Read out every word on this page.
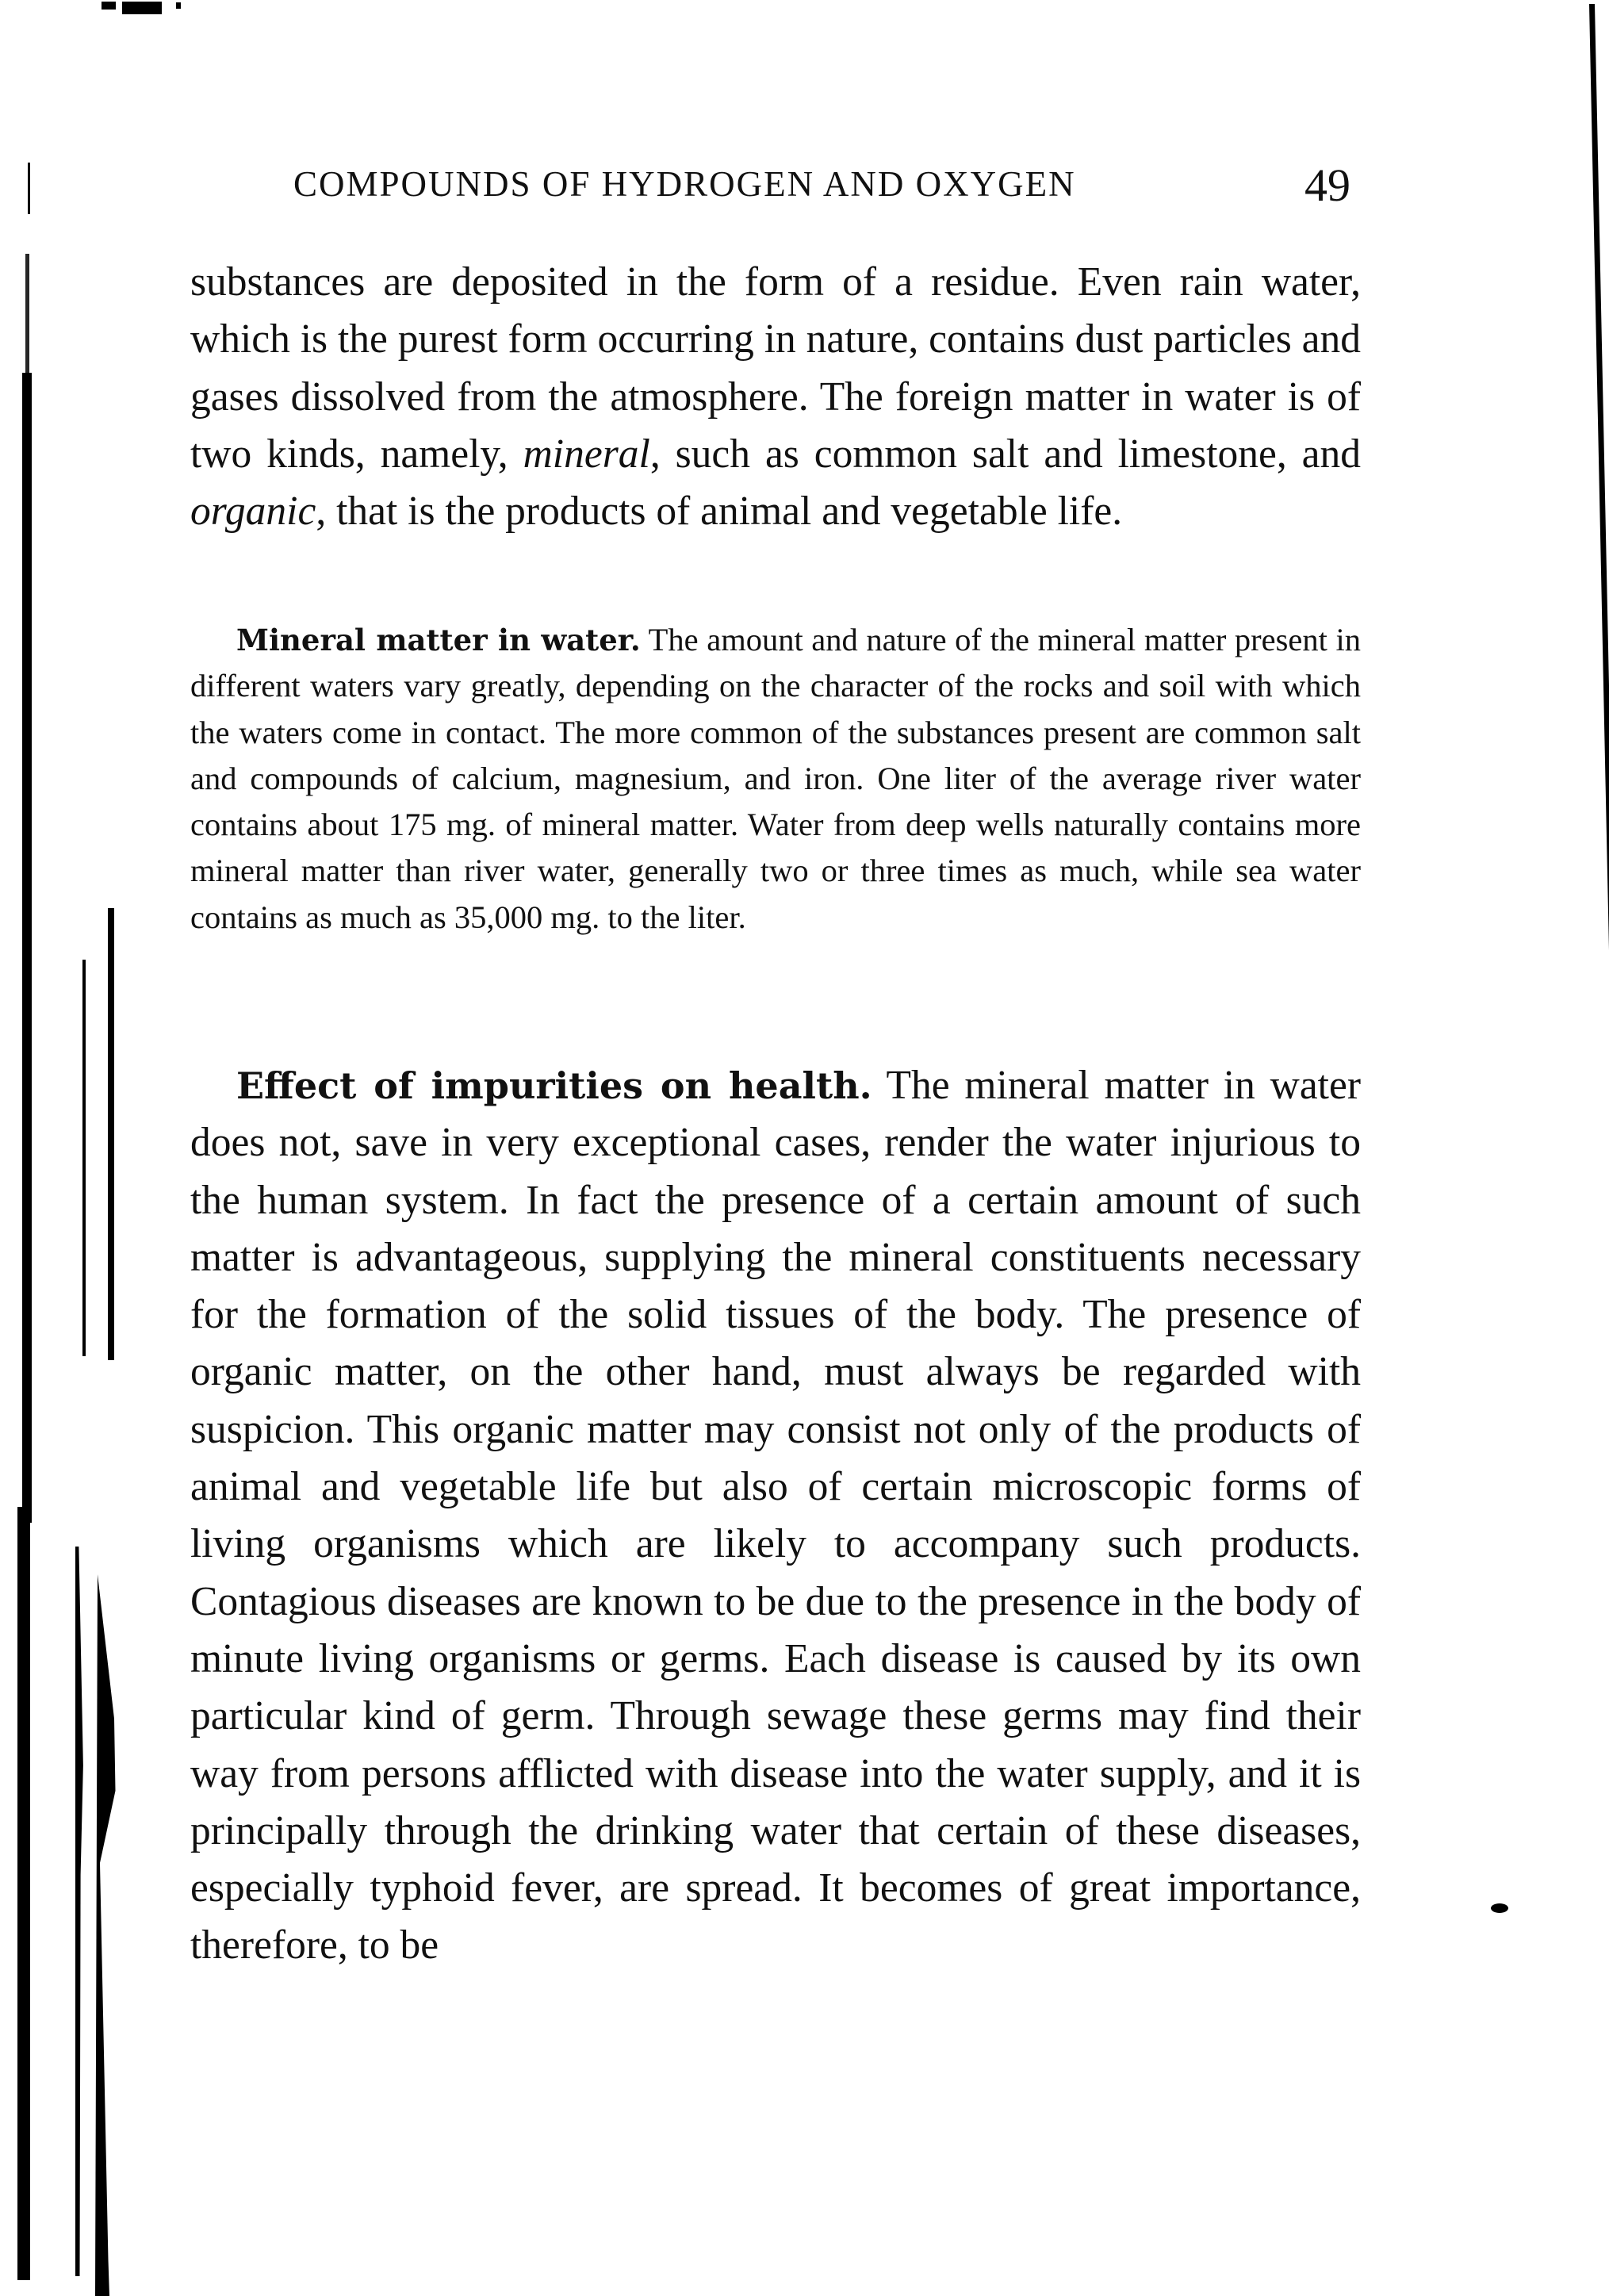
COMPOUNDS OF HYDROGEN AND OXYGEN	49

substances are deposited in the form of a residue. Even rain water, which is the purest form occurring in nature, contains dust particles and gases dissolved from the atmosphere. The foreign matter in water is of two kinds, namely, mineral, such as common salt and limestone, and organic, that is the products of animal and vegetable life.

Mineral matter in water. The amount and nature of the mineral matter present in different waters vary greatly, depending on the character of the rocks and soil with which the waters come in contact. The more common of the substances present are common salt and compounds of calcium, magnesium, and iron. One liter of the average river water contains about 175 mg. of mineral matter. Water from deep wells naturally contains more mineral matter than river water, generally two or three times as much, while sea water contains as much as 35,000 mg. to the liter.

Effect of impurities on health. The mineral matter in water does not, save in very exceptional cases, render the water injurious to the human system. In fact the presence of a certain amount of such matter is advantageous, supplying the mineral constituents necessary for the formation of the solid tissues of the body. The presence of organic matter, on the other hand, must always be regarded with suspicion. This organic matter may consist not only of the products of animal and vegetable life but also of certain microscopic forms of living organisms which are likely to accompany such products. Contagious diseases are known to be due to the presence in the body of minute living organisms or germs. Each disease is caused by its own particular kind of germ. Through sewage these germs may find their way from persons afflicted with disease into the water supply, and it is principally through the drinking water that certain of these diseases, especially typhoid fever, are spread. It becomes of great importance, therefore, to be
